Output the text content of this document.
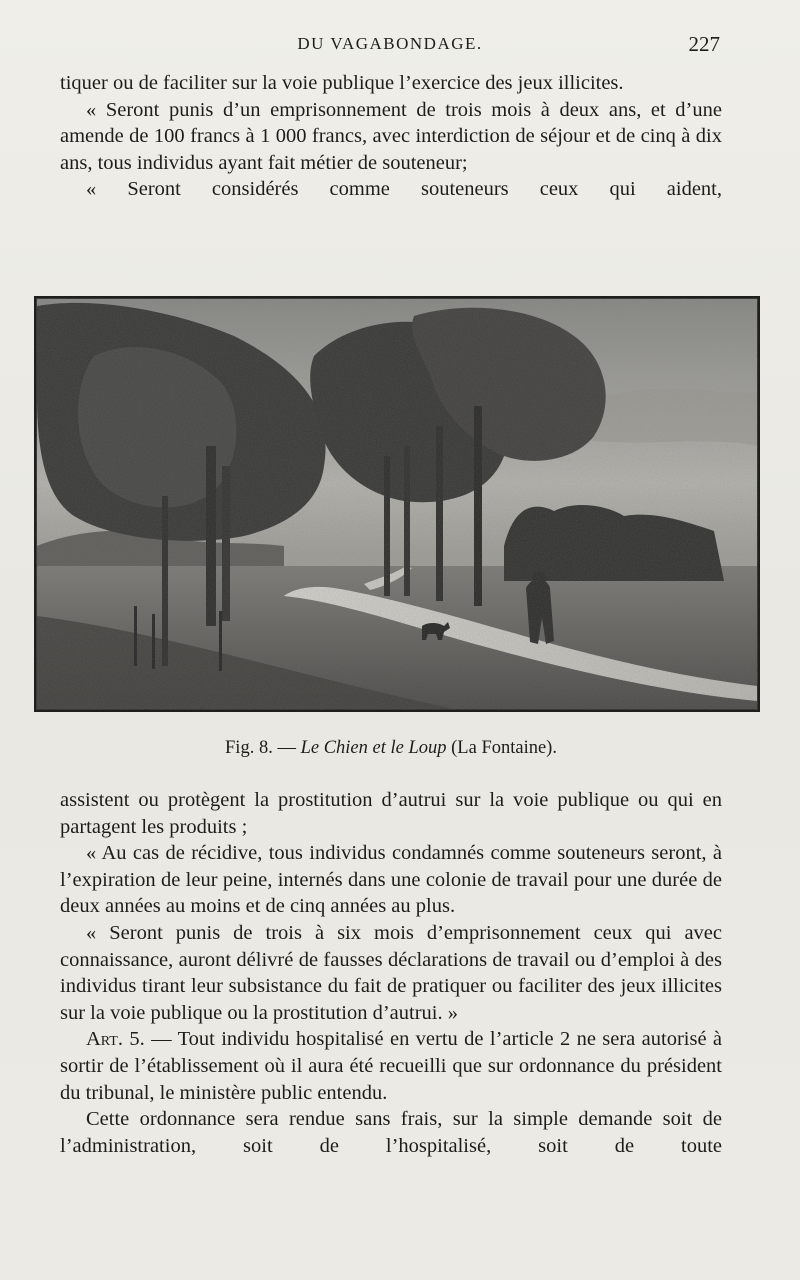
DU VAGABONDAGE.	227

tiquer ou de faciliter sur la voie publique l’exercice des jeux illicites.

« Seront punis d’un emprisonnement de trois mois à deux ans, et d’une amende de 100 francs à 1 000 francs, avec interdiction de séjour et de cinq à dix ans, tous individus ayant fait métier de souteneur;

« Seront considérés comme souteneurs ceux qui aident,

Fig. 8. — Le Chien et le Loup (La Fontaine).

assistent ou protègent la prostitution d’autrui sur la voie publique ou qui en partagent les produits ;

« Au cas de récidive, tous individus condamnés comme souteneurs seront, à l’expiration de leur peine, internés dans une colonie de travail pour une durée de deux années au moins et de cinq années au plus.

« Seront punis de trois à six mois d’emprisonnement ceux qui avec connaissance, auront délivré de fausses déclarations de travail ou d’emploi à des individus tirant leur subsistance du fait de pratiquer ou faciliter des jeux illicites sur la voie publique ou la prostitution d’autrui. »

Art. 5. — Tout individu hospitalisé en vertu de l’article 2 ne sera autorisé à sortir de l’établissement où il aura été recueilli que sur ordonnance du président du tribunal, le ministère public entendu.

Cette ordonnance sera rendue sans frais, sur la simple demande soit de l’administration, soit de l’hospitalisé, soit de toute
